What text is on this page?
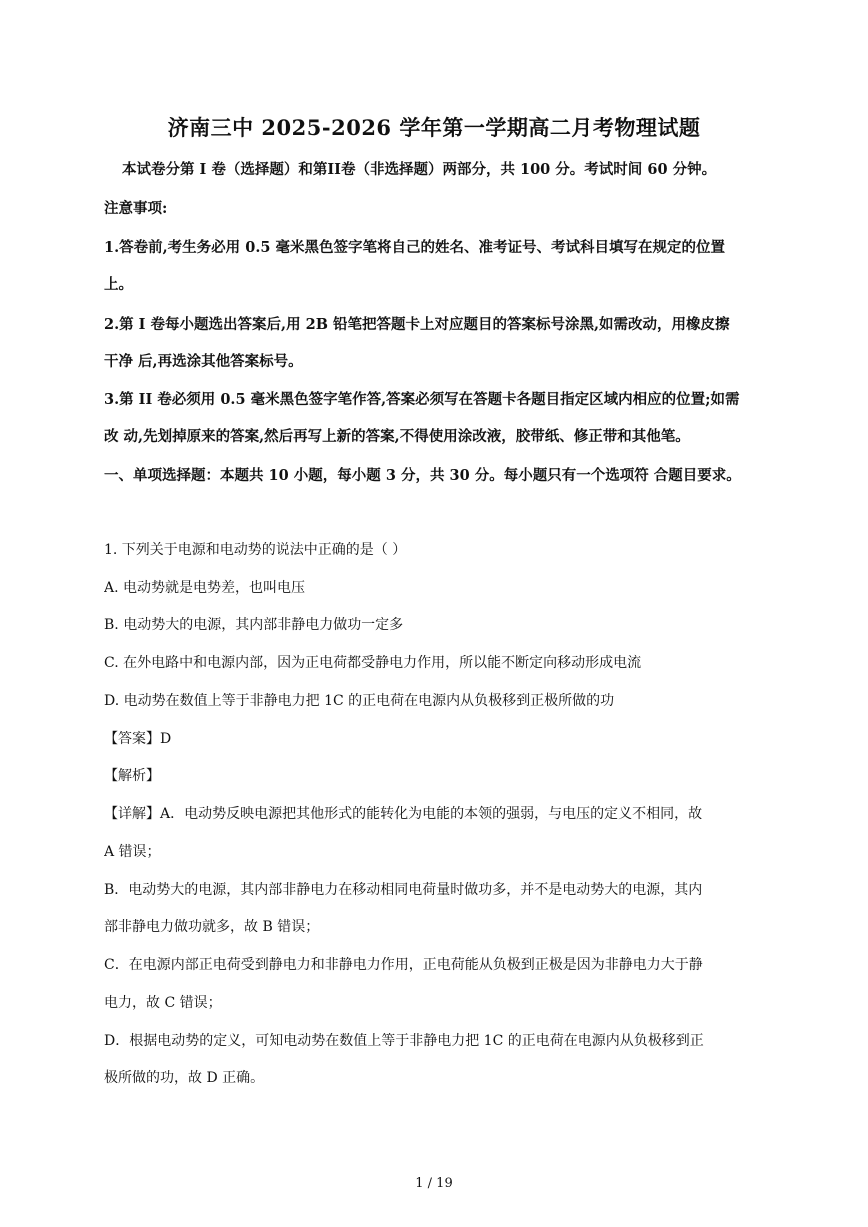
济南三中 2025-2026 学年第一学期高二月考物理试题
本试卷分第 I 卷（选择题）和第II卷（非选择题）两部分，共 100 分。考试时间 60 分钟。
注意事项:
1.答卷前,考生务必用 0.5 毫米黑色签字笔将自己的姓名、准考证号、考试科目填写在规定的位置
上。
2.第 I 卷每小题选出答案后,用 2B 铅笔把答题卡上对应题目的答案标号涂黑,如需改动，用橡皮擦
干净 后,再选涂其他答案标号。
3.第 II 卷必须用 0.5 毫米黑色签字笔作答,答案必须写在答题卡各题目指定区域内相应的位置;如需
改 动,先划掉原来的答案,然后再写上新的答案,不得使用涂改液，胶带纸、修正带和其他笔。
一、单项选择题：本题共 10 小题，每小题 3 分，共 30 分。每小题只有一个选项符 合题目要求。
1. 下列关于电源和电动势的说法中正确的是（ ）
A. 电动势就是电势差，也叫电压
B. 电动势大的电源，其内部非静电力做功一定多
C. 在外电路中和电源内部，因为正电荷都受静电力作用，所以能不断定向移动形成电流
D. 电动势在数值上等于非静电力把 1C 的正电荷在电源内从负极移到正极所做的功
【答案】D
【解析】
【详解】A．电动势反映电源把其他形式的能转化为电能的本领的强弱，与电压的定义不相同，故
A 错误；
B．电动势大的电源，其内部非静电力在移动相同电荷量时做功多，并不是电动势大的电源，其内
部非静电力做功就多，故 B 错误；
C．在电源内部正电荷受到静电力和非静电力作用，正电荷能从负极到正极是因为非静电力大于静
电力，故 C 错误；
D．根据电动势的定义，可知电动势在数值上等于非静电力把 1C 的正电荷在电源内从负极移到正
极所做的功，故 D 正确。
1 / 19
